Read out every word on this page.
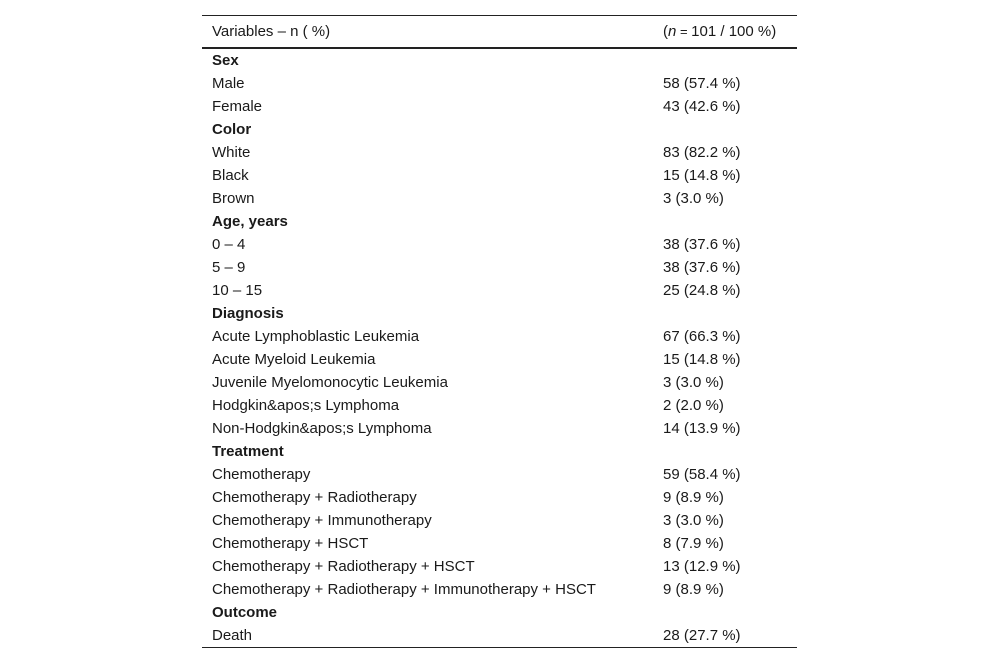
Variables – n ( %)	(n = 101 / 100 %)
Sex	
Male	58 (57.4 %)
Female	43 (42.6 %)
Color	
White	83 (82.2 %)
Black	15 (14.8 %)
Brown	3 (3.0 %)
Age, years	
0 – 4	38 (37.6 %)
5 – 9	38 (37.6 %)
10 – 15	25 (24.8 %)
Diagnosis	
Acute Lymphoblastic Leukemia	67 (66.3 %)
Acute Myeloid Leukemia	15 (14.8 %)
Juvenile Myelomonocytic Leukemia	3 (3.0 %)
Hodgkin&apos;s Lymphoma	2 (2.0 %)
Non-Hodgkin&apos;s Lymphoma	14 (13.9 %)
Treatment	
Chemotherapy	59 (58.4 %)
Chemotherapy + Radiotherapy	9 (8.9 %)
Chemotherapy + Immunotherapy	3 (3.0 %)
Chemotherapy + HSCT	8 (7.9 %)
Chemotherapy + Radiotherapy + HSCT	13 (12.9 %)
Chemotherapy + Radiotherapy + Immunotherapy + HSCT	9 (8.9 %)
Outcome	
Death	28 (27.7 %)
